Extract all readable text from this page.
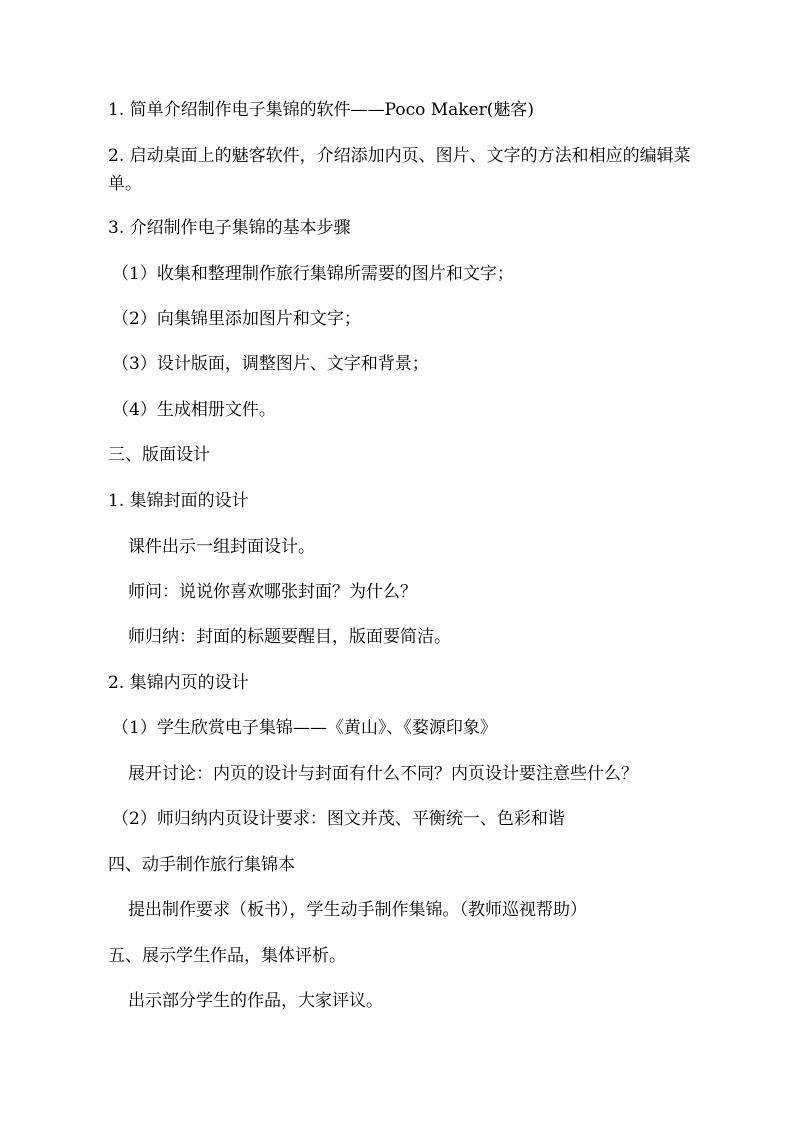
1. 简单介绍制作电子集锦的软件——Poco Maker(魅客)
2. 启动桌面上的魅客软件，介绍添加内页、图片、文字的方法和相应的编辑菜单。
3. 介绍制作电子集锦的基本步骤
（1）收集和整理制作旅行集锦所需要的图片和文字；
（2）向集锦里添加图片和文字；
（3）设计版面，调整图片、文字和背景；
（4）生成相册文件。
三、版面设计
1. 集锦封面的设计
课件出示一组封面设计。
师问：说说你喜欢哪张封面？为什么？
师归纳：封面的标题要醒目，版面要简洁。
2. 集锦内页的设计
（1）学生欣赏电子集锦——《黄山》、《婺源印象》
展开讨论：内页的设计与封面有什么不同？内页设计要注意些什么？
（2）师归纳内页设计要求：图文并茂、平衡统一、色彩和谐
四、动手制作旅行集锦本
提出制作要求（板书），学生动手制作集锦。（教师巡视帮助）
五、展示学生作品，集体评析。
出示部分学生的作品，大家评议。
